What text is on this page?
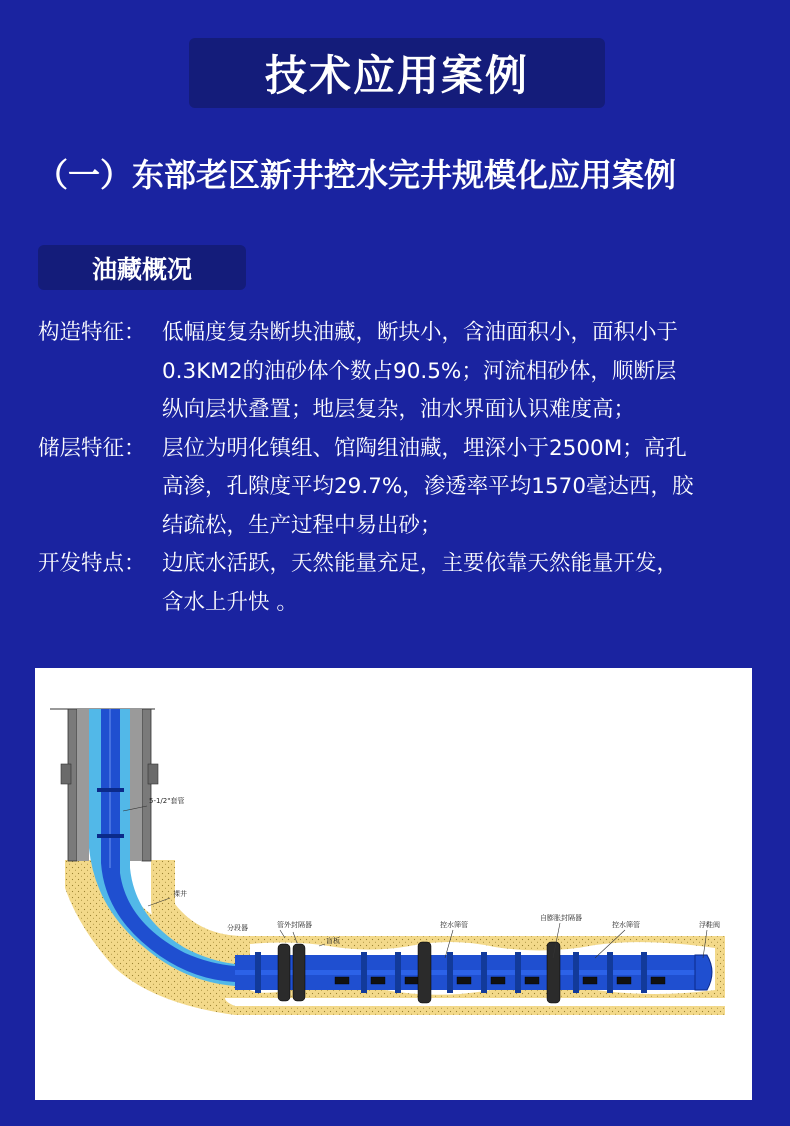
技术应用案例
（一）东部老区新井控水完井规模化应用案例
油藏概况
构造特征： 低幅度复杂断块油藏，断块小，含油面积小，面积小于
0.3KM2的油砂体个数占90.5%；河流相砂体，顺断层
纵向层状叠置；地层复杂，油水界面认识难度高；
储层特征： 层位为明化镇组、馆陶组油藏，埋深小于2500M；高孔
高渗，孔隙度平均29.7%，渗透率平均1570毫达西，胶
结疏松，生产过程中易出砂；
开发特点： 边底水活跃，天然能量充足，主要依靠天然能量开发，
含水上升快 。
5-1/2"套管
裸井
分段器	管外封隔器
盲板
控水筛管
自膨胀封隔器
控水筛管	浮鞋阀
